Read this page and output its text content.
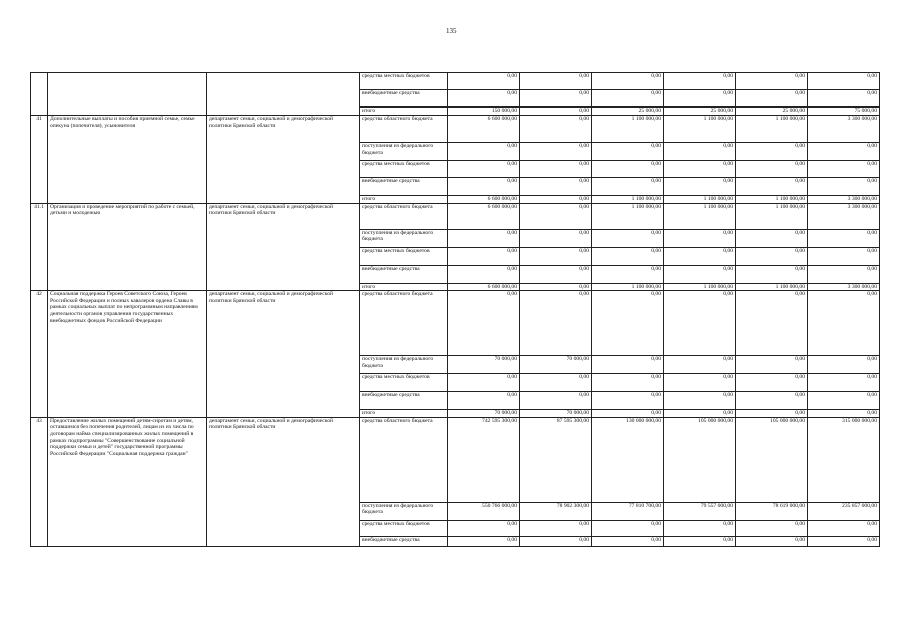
135
			средства местных бюджетов	0,00	0,00	0,00	0,00	0,00	0,00
			внебюджетные средства	0,00	0,00	0,00	0,00	0,00	0,00

			итого	150 000,00	0,00	25 000,00	25 000,00	25 000,00	75 000,00
41	Дополнительные выплаты и пособия приемной семье, семье опекуна (попечителя), усыновителя	департамент семьи, социальной и демографической политики Брянской области	средства областного бюджета	6 600 000,00	0,00	1 100 000,00	1 100 000,00	1 100 000,00	3 300 000,00
			поступления из федерального бюджета	0,00	0,00	0,00	0,00	0,00	0,00
			средства местных бюджетов	0,00	0,00	0,00	0,00	0,00	0,00
			внебюджетные средства	0,00	0,00	0,00	0,00	0,00	0,00
			итого	6 600 000,00	0,00	1 100 000,00	1 100 000,00	1 100 000,00	3 300 000,00
41.1	Организация и проведение мероприятий по работе с семьей, детьми и молодежью	департамент семьи, социальной и демографической политики Брянской области	средства областного бюджета	6 600 000,00	0,00	1 100 000,00	1 100 000,00	1 100 000,00	3 300 000,00
			поступления из федерального бюджета	0,00	0,00	0,00	0,00	0,00	0,00
			средства местных бюджетов	0,00	0,00	0,00	0,00	0,00	0,00
			внебюджетные средства	0,00	0,00	0,00	0,00	0,00	0,00
			итого	6 600 000,00	0,00	1 100 000,00	1 100 000,00	1 100 000,00	3 300 000,00
42	Социальная поддержка Героев Советского Союза, Героев Российской Федерации и полных кавалеров ордена Славы в рамках социальных выплат по непрограммным направлениям деятельности органов управления государственных внебюджетных фондов Российской Федерации	департамент семьи, социальной и демографической политики Брянской области	средства областного бюджета	0,00	0,00	0,00	0,00	0,00	0,00
			поступления из федерального бюджета	70 000,00	70 000,00	0,00	0,00	0,00	0,00
			средства местных бюджетов	0,00	0,00	0,00	0,00	0,00	0,00
			внебюджетные средства	0,00	0,00	0,00	0,00	0,00	0,00
			итого	70 000,00	70 000,00	0,00	0,00	0,00	0,00
43	Предоставление жилых помещений детям-сиротам и детям, оставшимся без попечения родителей, лицам из их числа по договорам найма специализированных жилых помещений в рамках подпрограммы "Совершенствование социальной поддержки семьи и детей" государственной программы Российской Федерации "Социальная поддержка граждан"	департамент семьи, социальной и демографической политики Брянской области	средства областного бюджета	742 595 300,00	87 595 300,00	130 000 000,00	105 000 000,00	105 000 000,00	315 000 000,00
			поступления из федерального бюджета	550 766 000,00	78 902 300,00	77 810 700,00	79 557 000,00	78 619 000,00	235 857 000,00
			средства местных бюджетов	0,00	0,00	0,00	0,00	0,00	0,00
			внебюджетные средства	0,00	0,00	0,00	0,00	0,00	0,00
